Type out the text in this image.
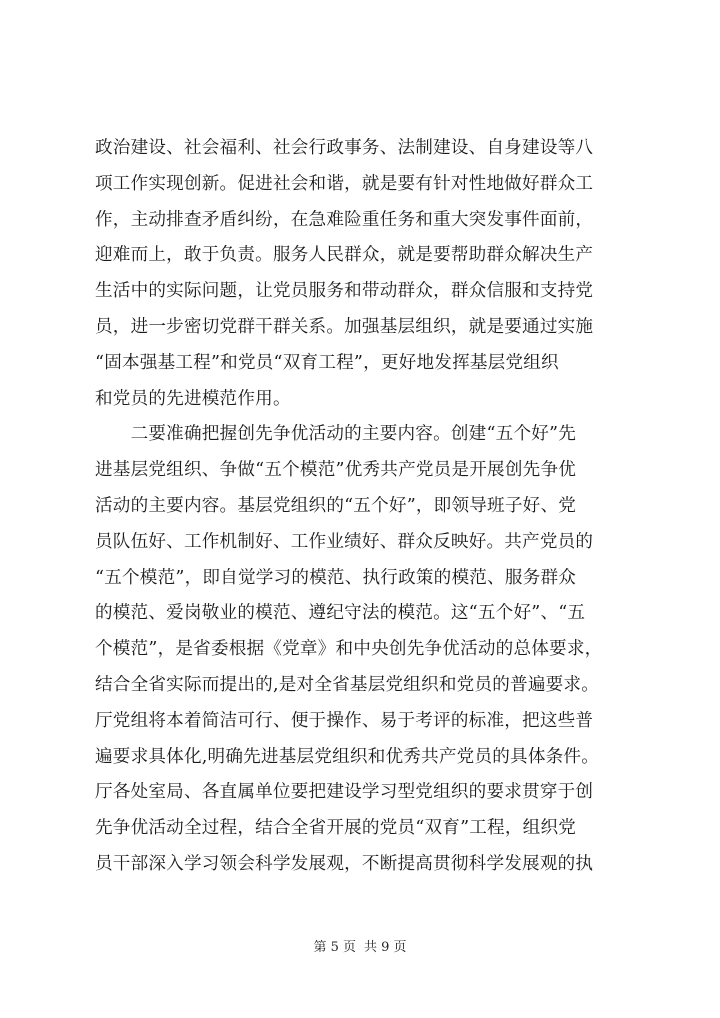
政治建设、社会福利、社会行政事务、法制建设、自身建设等八
项工作实现创新。促进社会和谐，就是要有针对性地做好群众工
作，主动排查矛盾纠纷，在急难险重任务和重大突发事件面前，
迎难而上，敢于负责。服务人民群众，就是要帮助群众解决生产
生活中的实际问题，让党员服务和带动群众，群众信服和支持党
员，进一步密切党群干群关系。加强基层组织，就是要通过实施
“固本强基工程”和党员“双育工程”，更好地发挥基层党组织
和党员的先进模范作用。
　　二要准确把握创先争优活动的主要内容。创建“五个好”先
进基层党组织、争做“五个模范”优秀共产党员是开展创先争优
活动的主要内容。基层党组织的“五个好”，即领导班子好、党
员队伍好、工作机制好、工作业绩好、群众反映好。共产党员的
“五个模范”，即自觉学习的模范、执行政策的模范、服务群众
的模范、爱岗敬业的模范、遵纪守法的模范。这“五个好”、“五
个模范”，是省委根据《党章》和中央创先争优活动的总体要求，
结合全省实际而提出的,是对全省基层党组织和党员的普遍要求。
厅党组将本着简洁可行、便于操作、易于考评的标准，把这些普
遍要求具体化,明确先进基层党组织和优秀共产党员的具体条件。
厅各处室局、各直属单位要把建设学习型党组织的要求贯穿于创
先争优活动全过程，结合全省开展的党员“双育”工程，组织党
员干部深入学习领会科学发展观，不断提高贯彻科学发展观的执
第 5 页 共 9 页
